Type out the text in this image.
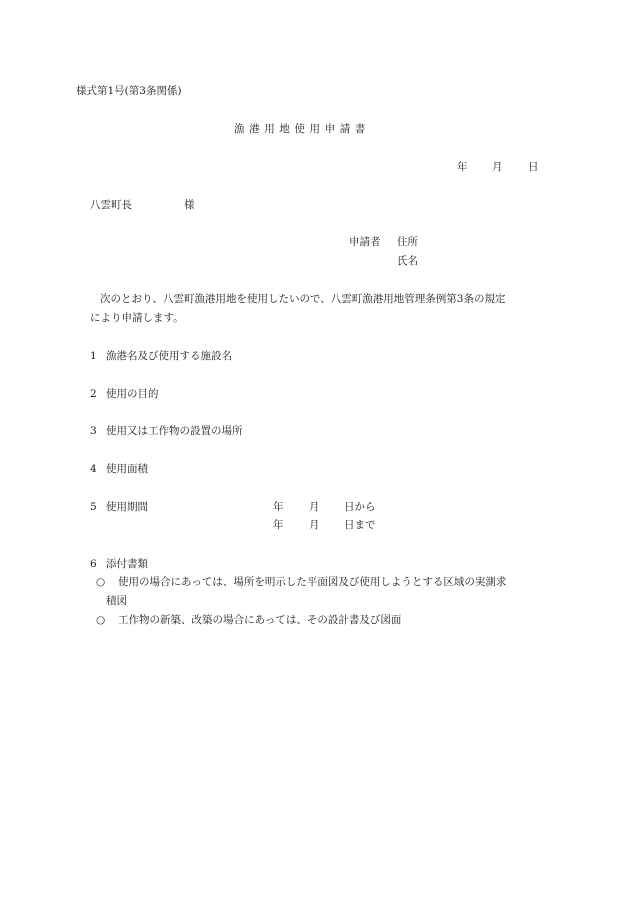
様式第1号(第3条関係)
漁港用地使用申請書
年 月 日
八雲町長	様
申請者 住所
氏名
次のとおり、八雲町漁港用地を使用したいので、八雲町漁港用地管理条例第3条の規定
により申請します。
1 漁港名及び使用する施設名
2 使用の目的
3 使用又は工作物の設置の場所
4 使用面積
5 使用期間	年 月 日から
年 月 日まで
6 添付書類
○ 使用の場合にあっては、場所を明示した平面図及び使用しようとする区域の実測求
積図
○ 工作物の新築、改築の場合にあっては、その設計書及び図面
